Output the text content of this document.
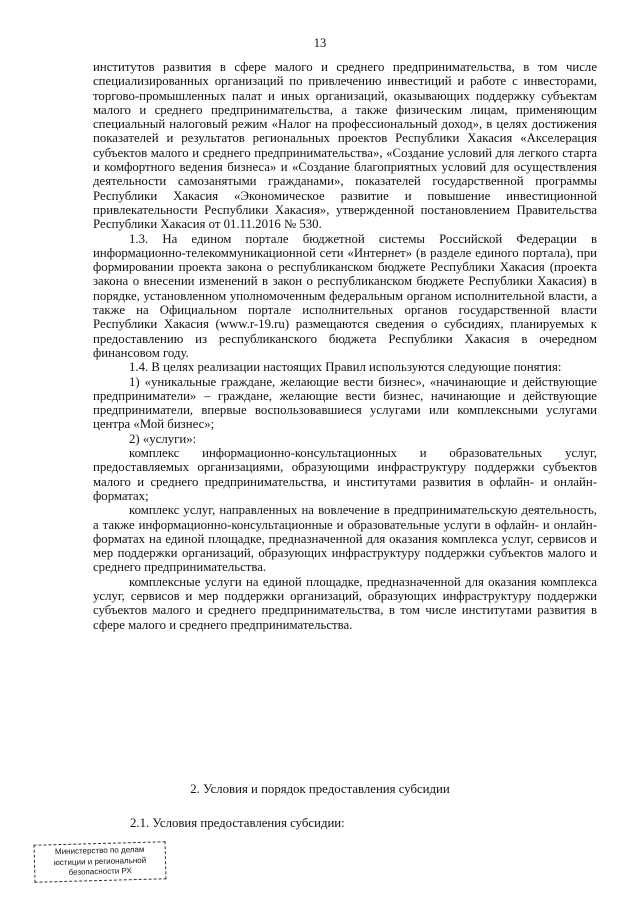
13

институтов развития в сфере малого и среднего предпринимательства, в том числе специализированных организаций по привлечению инвестиций и работе с инвесторами, торгово-промышленных палат и иных организаций, оказывающих поддержку субъектам малого и среднего предпринимательства, а также физическим лицам, применяющим специальный налоговый режим «Налог на профессиональный доход», в целях достижения показателей и результатов региональных проектов Республики Хакасия «Акселерация субъектов малого и среднего предпринимательства», «Создание условий для легкого старта и комфортного ведения бизнеса» и «Создание благоприятных условий для осуществления деятельности самозанятыми гражданами», показателей государственной программы Республики Хакасия «Экономическое развитие и повышение инвестиционной привлекательности Республики Хакасия», утвержденной постановлением Правительства Республики Хакасия от 01.11.2016 № 530.

1.3. На едином портале бюджетной системы Российской Федерации в информационно-телекоммуникационной сети «Интернет» (в разделе единого портала), при формировании проекта закона о республиканском бюджете Республики Хакасия (проекта закона о внесении изменений в закон о республиканском бюджете Республики Хакасия) в порядке, установленном уполномоченным федеральным органом исполнительной власти, а также на Официальном портале исполнительных органов государственной власти Республики Хакасия (www.r-19.ru) размещаются сведения о субсидиях, планируемых к предоставлению из республиканского бюджета Республики Хакасия в очередном финансовом году.

1.4. В целях реализации настоящих Правил используются следующие понятия:

1) «уникальные граждане, желающие вести бизнес», «начинающие и действующие предприниматели» – граждане, желающие вести бизнес, начинающие и действующие предприниматели, впервые воспользовавшиеся услугами или комплексными услугами центра «Мой бизнес»;

2) «услуги»:

комплекс информационно-консультационных и образовательных услуг, предоставляемых организациями, образующими инфраструктуру поддержки субъектов малого и среднего предпринимательства, и институтами развития в офлайн- и онлайн-форматах;

комплекс услуг, направленных на вовлечение в предпринимательскую деятельность, а также информационно-консультационные и образовательные услуги в офлайн- и онлайн-форматах на единой площадке, предназначенной для оказания комплекса услуг, сервисов и мер поддержки организаций, образующих инфраструктуру поддержки субъектов малого и среднего предпринимательства.

комплексные услуги на единой площадке, предназначенной для оказания комплекса услуг, сервисов и мер поддержки организаций, образующих инфраструктуру поддержки субъектов малого и среднего предпринимательства, в том числе институтами развития в сфере малого и среднего предпринимательства.

2. Условия и порядок предоставления субсидии
2.1. Условия предоставления субсидии:
Министерство по делам
юстиции и региональной
безопасности РХ
